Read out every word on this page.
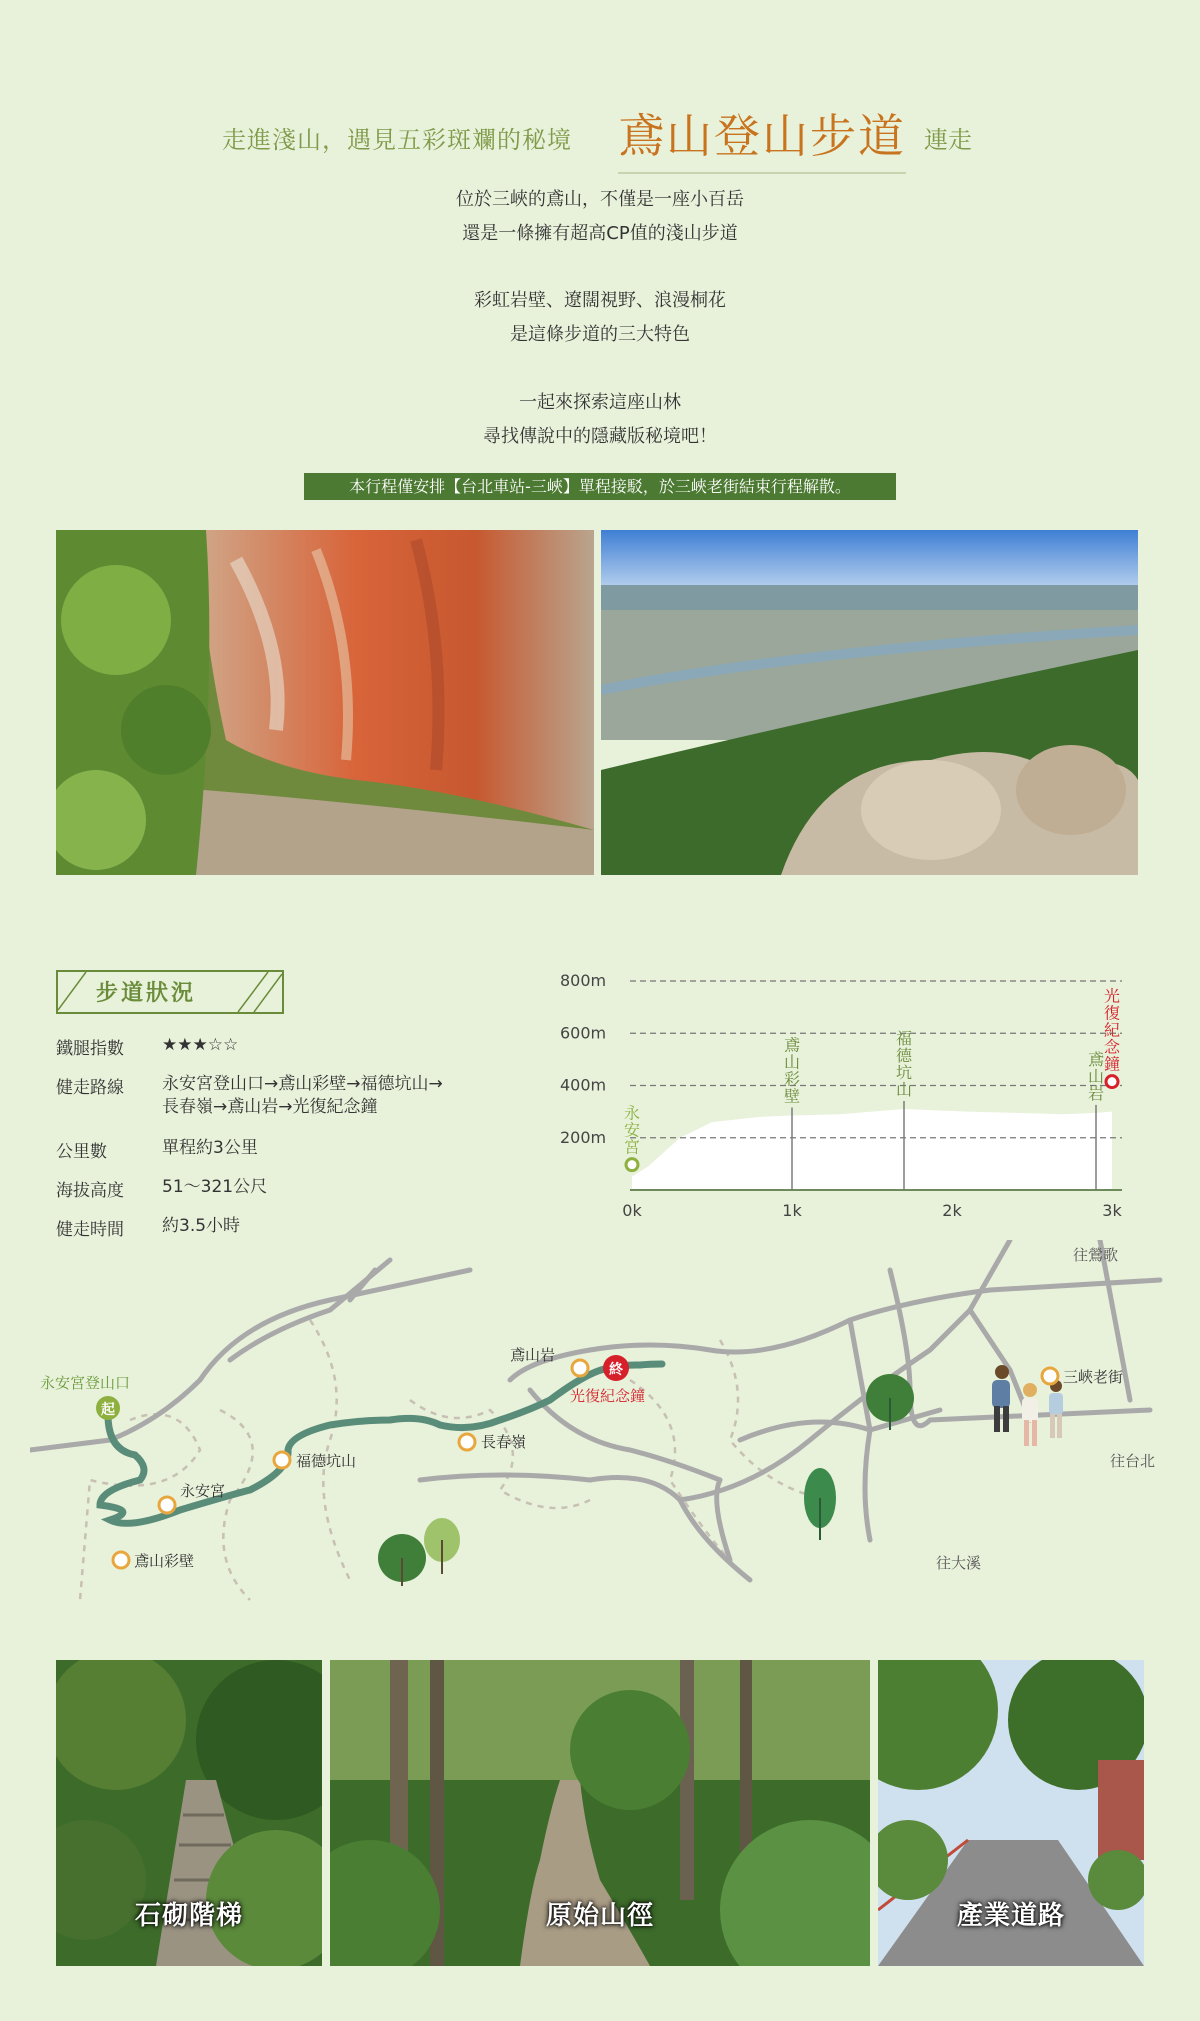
走進淺山，遇見五彩斑斕的秘境 鳶山登山步道 連走
位於三峽的鳶山，不僅是一座小百岳
還是一條擁有超高CP值的淺山步道
彩虹岩壁、遼闊視野、浪漫桐花
是這條步道的三大特色
一起來探索這座山林
尋找傳說中的隱藏版秘境吧！
本行程僅安排【台北車站-三峽】單程接駁，於三峽老街結束行程解散。
步道狀況
鐵腿指數	★★★☆☆
健走路線	永安宮登山口→鳶山彩壁→福德坑山→
長春嶺→鳶山岩→光復紀念鐘
公里數	單程約3公里
海拔高度	51～321公尺
健走時間	約3.5小時
800m
600m
400m
200m
0k	1k	2k	3k
永安宮
鳶山彩壁
福德坑山
鳶山岩
光復紀念鐘
起
永安宮登山口
永安宮
鳶山彩壁
福德坑山
長春嶺
鳶山岩
終
光復紀念鐘
三峽老街
往鶯歌
往台北
往大溪
石砌階梯	原始山徑	產業道路
